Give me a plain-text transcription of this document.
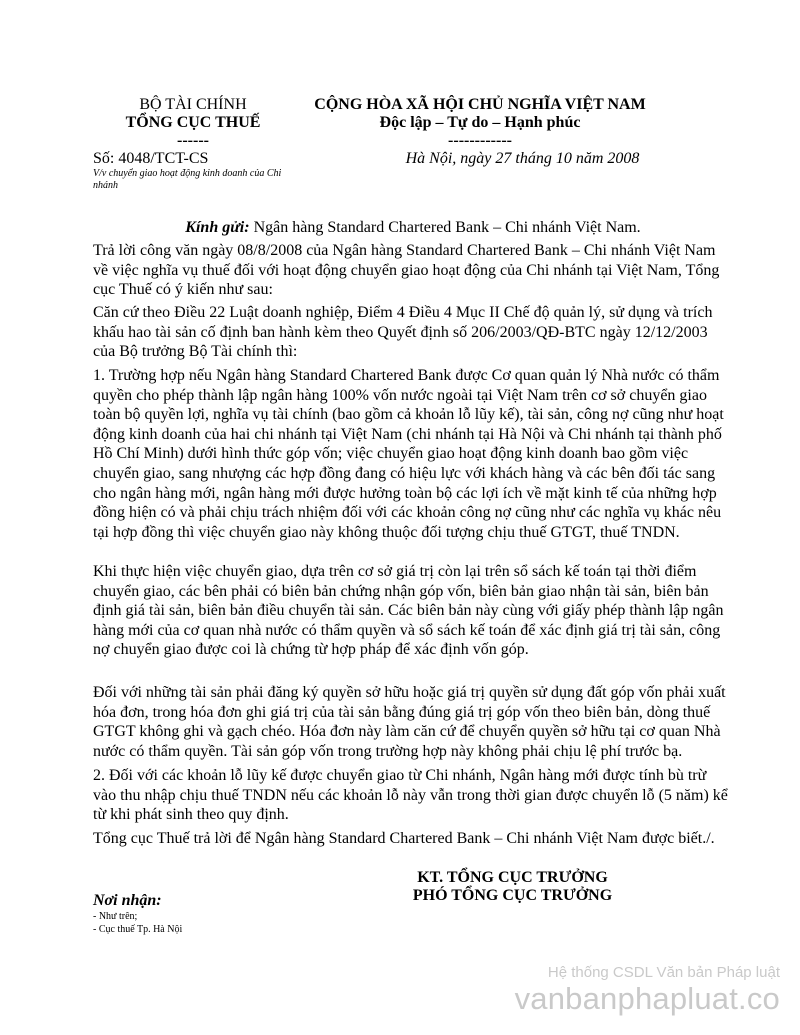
BỘ TÀI CHÍNH
TỔNG CỤC THUẾ
------
CỘNG HÒA XÃ HỘI CHỦ NGHĨA VIỆT NAM
Độc lập – Tự do – Hạnh phúc
------------
Số: 4048/TCT-CS
V/v chuyển giao hoạt động kinh doanh của Chi nhánh
Hà Nội, ngày 27 tháng 10 năm 2008
Kính gửi: Ngân hàng Standard Chartered Bank – Chi nhánh Việt Nam.

Trả lời công văn ngày 08/8/2008 của Ngân hàng Standard Chartered Bank – Chi nhánh Việt Nam về việc nghĩa vụ thuế đối với hoạt động chuyển giao hoạt động của Chi nhánh tại Việt Nam, Tổng cục Thuế có ý kiến như sau:

Căn cứ theo Điều 22 Luật doanh nghiệp, Điểm 4 Điều 4 Mục II Chế độ quản lý, sử dụng và trích khấu hao tài sản cố định ban hành kèm theo Quyết định số 206/2003/QĐ-BTC ngày 12/12/2003 của Bộ trưởng Bộ Tài chính thì:

1. Trường hợp nếu Ngân hàng Standard Chartered Bank được Cơ quan quản lý Nhà nước có thẩm quyền cho phép thành lập ngân hàng 100% vốn nước ngoài tại Việt Nam trên cơ sở chuyển giao toàn bộ quyền lợi, nghĩa vụ tài chính (bao gồm cả khoản lỗ lũy kế), tài sản, công nợ cũng như hoạt động kinh doanh của hai chi nhánh tại Việt Nam (chi nhánh tại Hà Nội và Chi nhánh tại thành phố Hồ Chí Minh) dưới hình thức góp vốn; việc chuyển giao hoạt động kinh doanh bao gồm việc chuyển giao, sang nhượng các hợp đồng đang có hiệu lực với khách hàng và các bên đối tác sang cho ngân hàng mới, ngân hàng mới được hưởng toàn bộ các lợi ích về mặt kinh tế của những hợp đồng hiện có và phải chịu trách nhiệm đối với các khoản công nợ cũng như các nghĩa vụ khác nêu tại hợp đồng thì việc chuyển giao này không thuộc đối tượng chịu thuế GTGT, thuế TNDN.

Khi thực hiện việc chuyển giao, dựa trên cơ sở giá trị còn lại trên sổ sách kế toán tại thời điểm chuyển giao, các bên phải có biên bản chứng nhận góp vốn, biên bản giao nhận tài sản, biên bản định giá tài sản, biên bản điều chuyển tài sản. Các biên bản này cùng với giấy phép thành lập ngân hàng mới của cơ quan nhà nước có thẩm quyền và sổ sách kế toán để xác định giá trị tài sản, công nợ chuyển giao được coi là chứng từ hợp pháp để xác định vốn góp.

Đối với những tài sản phải đăng ký quyền sở hữu hoặc giá trị quyền sử dụng đất góp vốn phải xuất hóa đơn, trong hóa đơn ghi giá trị của tài sản bằng đúng giá trị góp vốn theo biên bản, dòng thuế GTGT không ghi và gạch chéo. Hóa đơn này làm căn cứ để chuyển quyền sở hữu tại cơ quan Nhà nước có thẩm quyền. Tài sản góp vốn trong trường hợp này không phải chịu lệ phí trước bạ.

2. Đối với các khoản lỗ lũy kế được chuyển giao từ Chi nhánh, Ngân hàng mới được tính bù trừ vào thu nhập chịu thuế TNDN nếu các khoản lỗ này vẫn trong thời gian được chuyển lỗ (5 năm) kể từ khi phát sinh theo quy định.

Tổng cục Thuế trả lời để Ngân hàng Standard Chartered Bank – Chi nhánh Việt Nam được biết./.

KT. TỔNG CỤC TRƯỞNG
PHÓ TỔNG CỤC TRƯỞNG
Nơi nhận:
- Như trên;
- Cục thuế Tp. Hà Nội
Hệ thống CSDL Văn bản Pháp luật
vanbanphapluat.co
